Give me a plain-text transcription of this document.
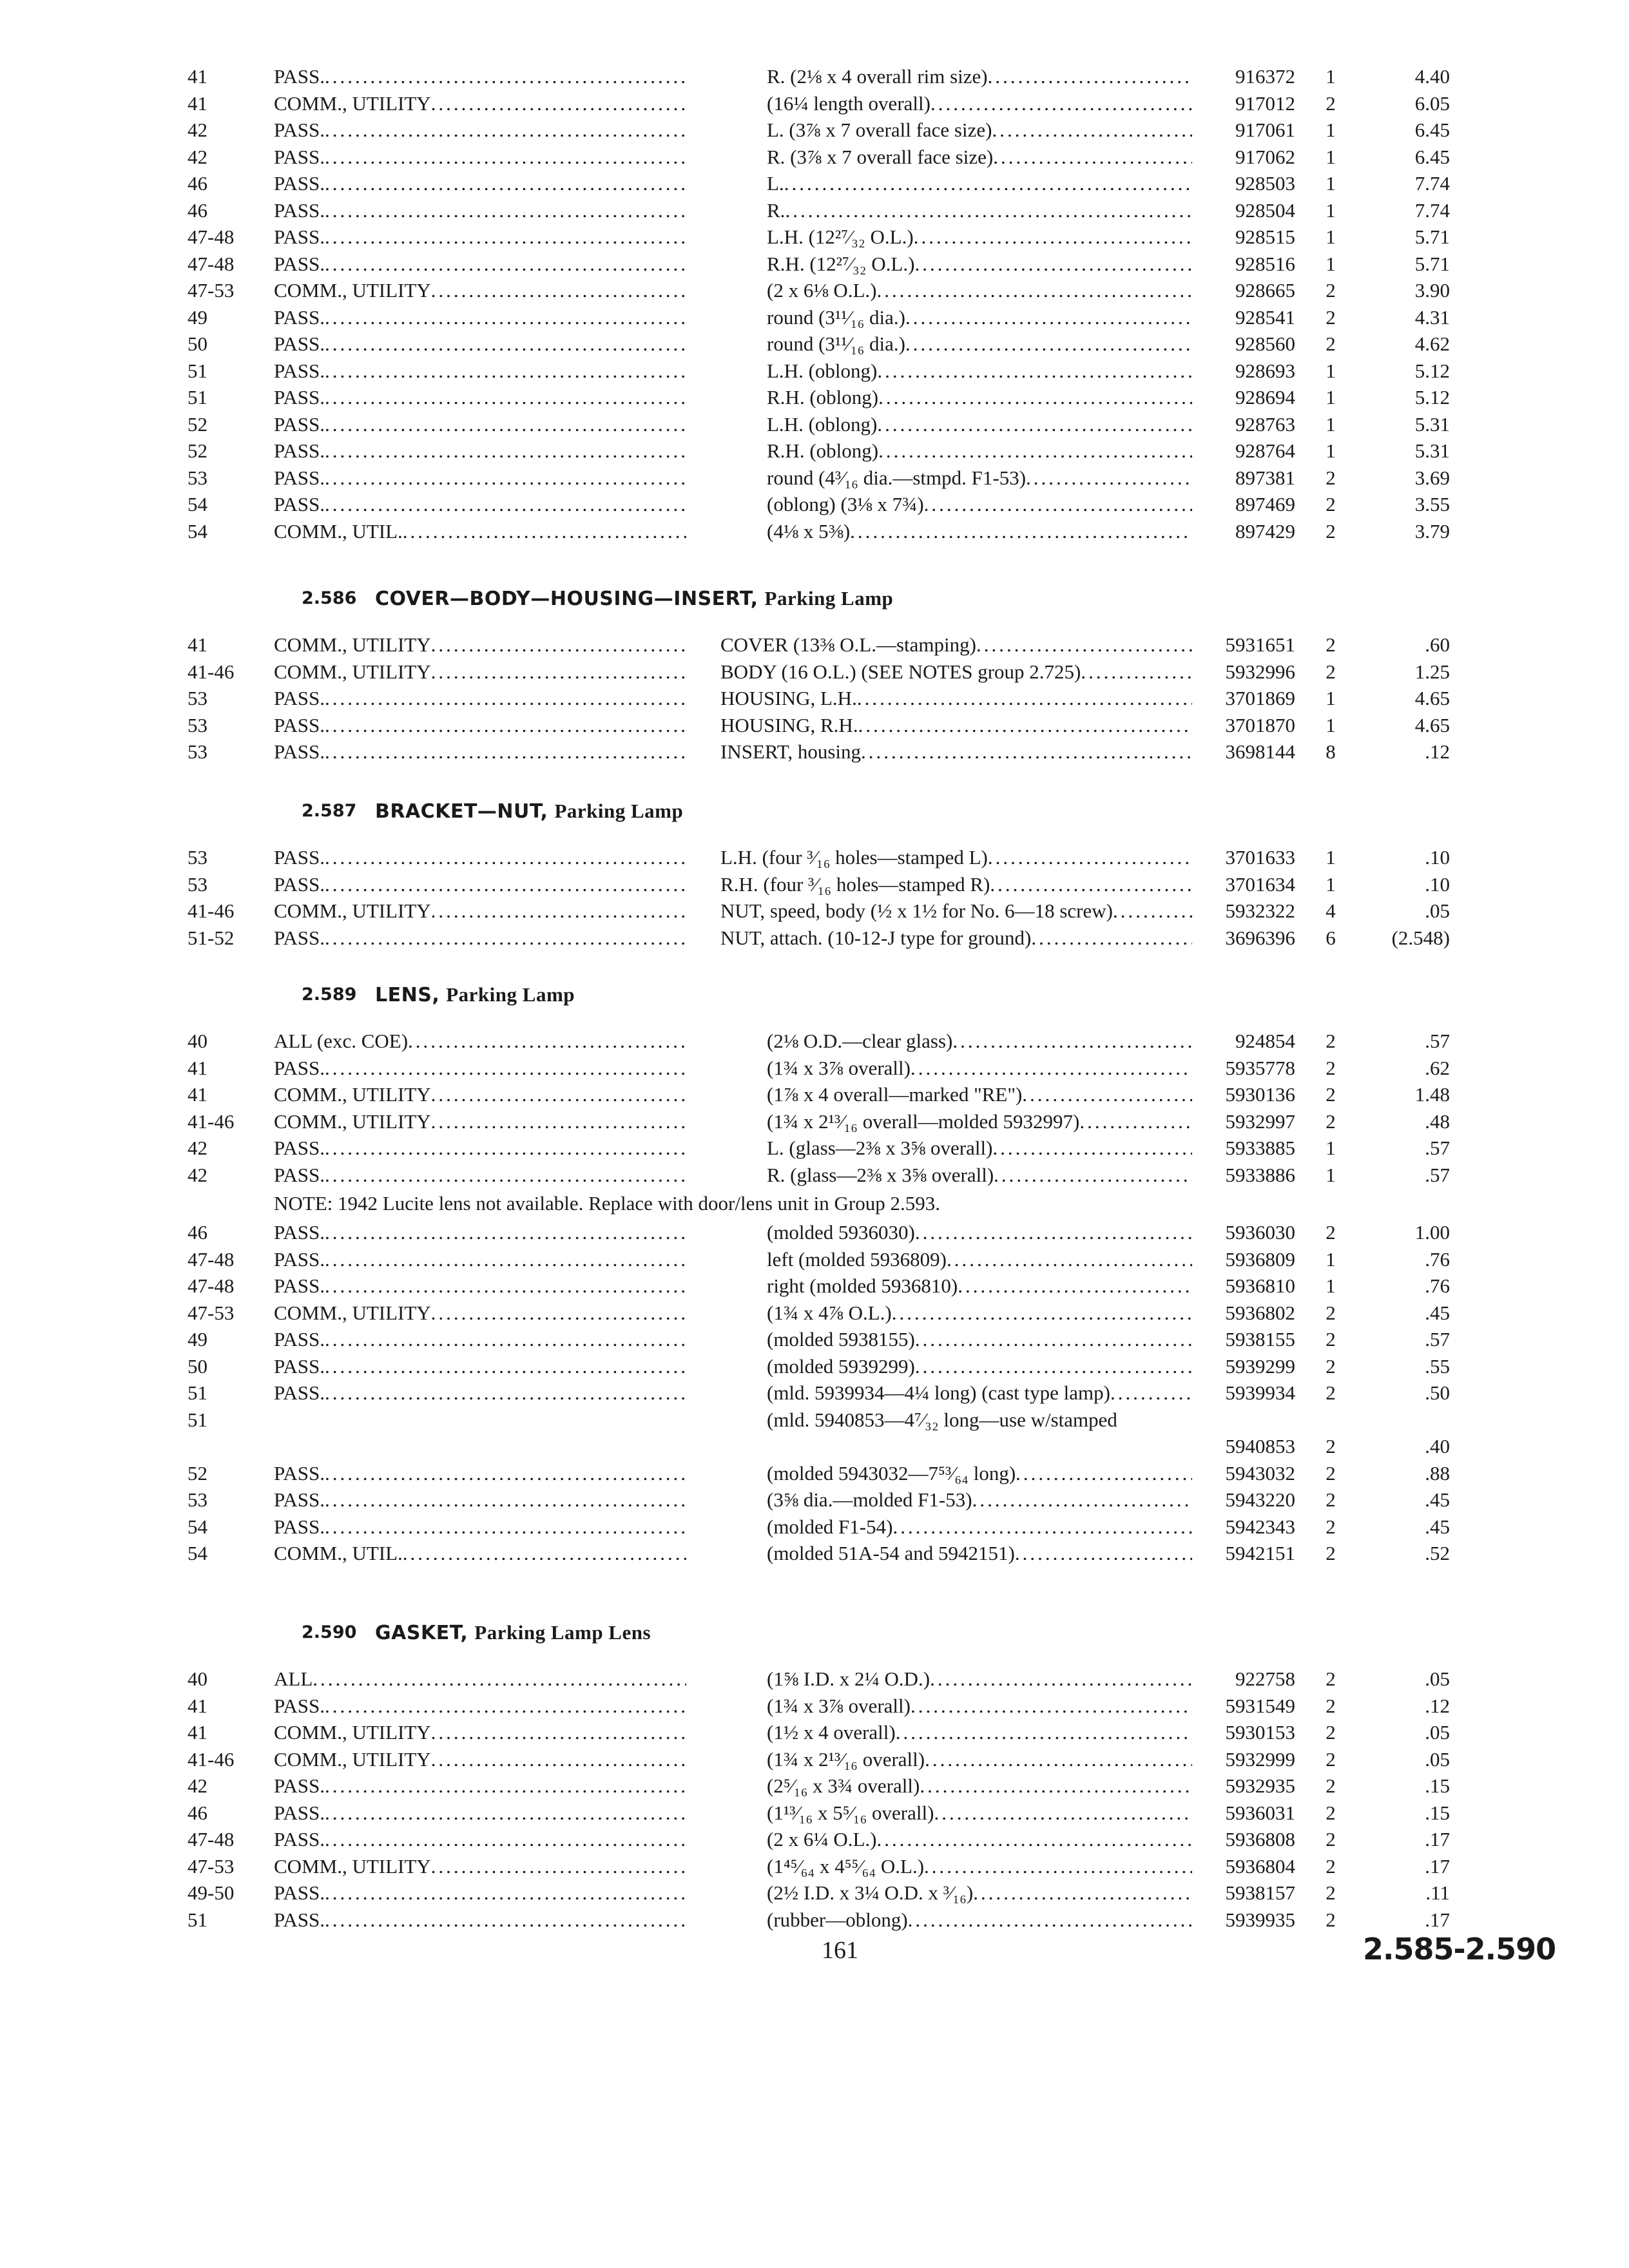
41	PASS. .....	R. (2⅛ x 4 overall rim size) .....	916372	1	4.40
41	COMM., UTILITY .....	(16¼ length overall) .....	917012	2	6.05
42	PASS. .....	L. (3⅞ x 7 overall face size) .....	917061	1	6.45
42	PASS. .....	R. (3⅞ x 7 overall face size) .....	917062	1	6.45
46	PASS. .....	L. .....	928503	1	7.74
46	PASS. .....	R. .....	928504	1	7.74
47-48 PASS. .....	L.H. (12²⁷⁄₃₂ O.L.) .....	928515	1	5.71
47-48 PASS. .....	R.H. (12²⁷⁄₃₂ O.L.) .....	928516	1	5.71
47-53 COMM., UTILITY .....	(2 x 6⅛ O.L.) .....	928665	2	3.90
49	PASS. .....	round (3¹¹⁄₁₆ dia.) .....	928541	2	4.31
50	PASS. .....	round (3¹¹⁄₁₆ dia.) .....	928560	2	4.62
51	PASS. .....	L.H. (oblong) .....	928693	1	5.12
51	PASS. .....	R.H. (oblong) .....	928694	1	5.12
52	PASS. .....	L.H. (oblong) .....	928763	1	5.31
52	PASS. .....	R.H. (oblong) .....	928764	1	5.31
53	PASS. .....	round (4³⁄₁₆ dia.—stmpd. F1-53) .....	897381	2	3.69
54	PASS. .....	(oblong) (3⅛ x 7¾) .....	897469	2	3.55
54	COMM., UTIL. .....	(4⅛ x 5⅜) .....	897429	2	3.79
2.586 COVER—BODY—HOUSING—INSERT, Parking Lamp
41	COMM., UTILITY .....	COVER (13⅜ O.L.—stamping) .....	5931651	2	.60
41-46 COMM., UTILITY .....	BODY (16 O.L.) (SEE NOTES group 2.725) .....	5932996	2	1.25
53	PASS. .....	HOUSING, L.H. .....	3701869	1	4.65
53	PASS. .....	HOUSING, R.H. .....	3701870	1	4.65
53	PASS. .....	INSERT, housing .....	3698144	8	.12
2.587 BRACKET—NUT, Parking Lamp
53	PASS. .....	L.H. (four ³⁄₁₆ holes—stamped L) .....	3701633	1	.10
53	PASS. .....	R.H. (four ³⁄₁₆ holes—stamped R) .....	3701634	1	.10
41-46 COMM., UTILITY .....	NUT, speed, body (½ x 1½ for No. 6—18 screw) .....	5932322	4	.05
51-52 PASS. .....	NUT, attach. (10-12-J type for ground) .....	3696396	6	(2.548)
2.589 LENS, Parking Lamp
40	ALL (exc. COE) .....	(2⅛ O.D.—clear glass) .....	924854	2	.57
41	PASS. .....	(1¾ x 3⅞ overall) .....	5935778	2	.62
41	COMM., UTILITY .....	(1⅞ x 4 overall—marked "RE") .....	5930136	2	1.48
41-46 COMM., UTILITY .....	(1¾ x 2¹³⁄₁₆ overall—molded 5932997) .....	5932997	2	.48
42	PASS. .....	L. (glass—2⅜ x 3⅝ overall) .....	5933885	1	.57
42	PASS. .....	R. (glass—2⅜ x 3⅝ overall) .....	5933886	1	.57
NOTE: 1942 Lucite lens not available. Replace with door/lens unit in Group 2.593.
46	PASS. .....	(molded 5936030) .....	5936030	2	1.00
47-48 PASS. .....	left (molded 5936809) .....	5936809	1	.76
47-48 PASS. .....	right (molded 5936810) .....	5936810	1	.76
47-53 COMM., UTILITY .....	(1¾ x 4⅞ O.L.) .....	5936802	2	.45
49	PASS. .....	(molded 5938155) .....	5938155	2	.57
50	PASS. .....	(molded 5939299) .....	5939299	2	.55
51	PASS. .....	(mld. 5939934—4¼ long) (cast type lamp) .....	5939934	2	.50
51	(mld. 5940853—4⁷⁄₃₂ long—use w/stamped
5940853	2	.40
52	PASS. .....	(molded 5943032—7⁵³⁄₆₄ long) .....	5943032	2	.88
53	PASS. .....	(3⅝ dia.—molded F1-53) .....	5943220	2	.45
54	PASS. .....	(molded F1-54) .....	5942343	2	.45
54	COMM., UTIL. .....	(molded 51A-54 and 5942151) .....	5942151	2	.52
2.590 GASKET, Parking Lamp Lens
40	ALL .....	(1⅝ I.D. x 2¼ O.D.) .....	922758	2	.05
41	PASS. .....	(1¾ x 3⅞ overall) .....	5931549	2	.12
41	COMM., UTILITY .....	(1½ x 4 overall) .....	5930153	2	.05
41-46 COMM., UTILITY .....	(1¾ x 2¹³⁄₁₆ overall) .....	5932999	2	.05
42	PASS. .....	(2⁵⁄₁₆ x 3¾ overall) .....	5932935	2	.15
46	PASS. .....	(1¹³⁄₁₆ x 5⁵⁄₁₆ overall) .....	5936031	2	.15
47-48 PASS. .....	(2 x 6¼ O.L.) .....	5936808	2	.17
47-53 COMM., UTILITY .....	(1⁴⁵⁄₆₄ x 4⁵⁵⁄₆₄ O.L.) .....	5936804	2	.17
49-50 PASS. .....	(2½ I.D. x 3¼ O.D. x ³⁄₁₆) .....	5938157	2	.11
51	PASS. .....	(rubber—oblong) .....	5939935	2	.17
161	2.585-2.590
